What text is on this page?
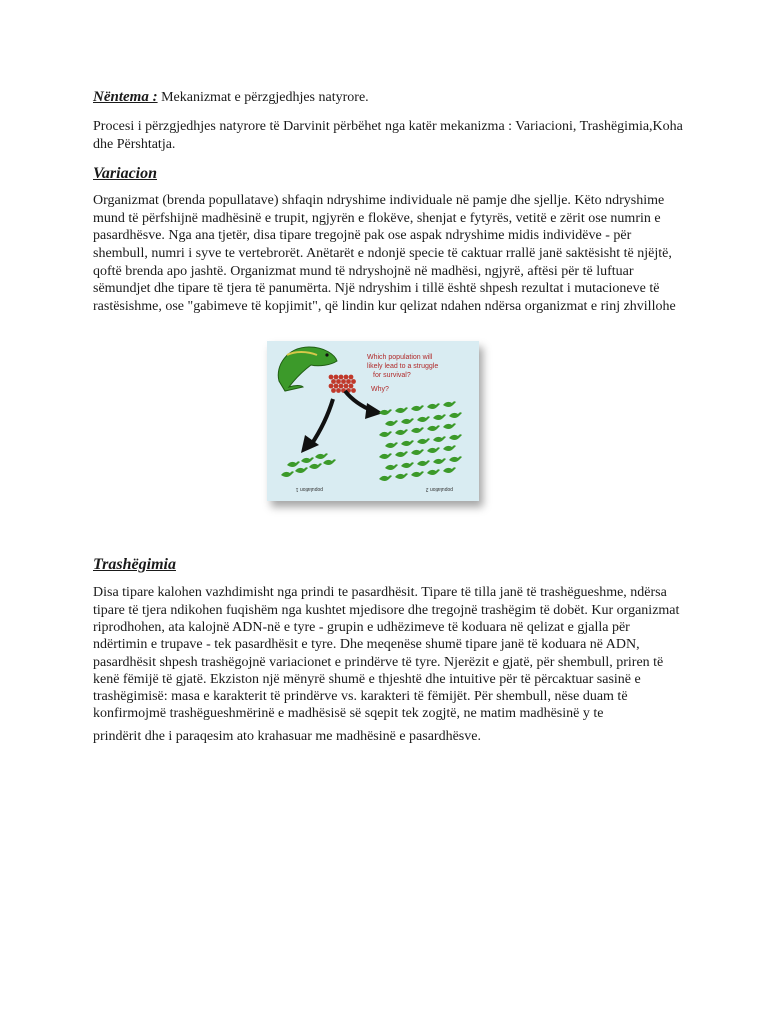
Nëntema : Mekanizmat e përzgjedhjes natyrore.

Procesi i përzgjedhjes natyrore të Darvinit përbëhet nga katër mekanizma : Variacioni, Trashëgimia,Koha dhe Përshtatja.

Variacion

Organizmat (brenda popullatave) shfaqin ndryshime individuale në pamje dhe sjellje. Këto ndryshime mund të përfshijnë madhësinë e trupit, ngjyrën e flokëve, shenjat e fytyrës, vetitë e zërit ose numrin e pasardhësve. Nga ana tjetër, disa tipare tregojnë pak ose aspak ndryshime midis individëve - për shembull, numri i syve te vertebrorët. Anëtarët e ndonjë specie të caktuar rrallë janë saktësisht të njëjtë, qoftë brenda apo jashtë. Organizmat mund të ndryshojnë në madhësi, ngjyrë, aftësi për të luftuar sëmundjet dhe tipare të tjera të panumërta. Një ndryshim i tillë është shpesh rezultat i mutacioneve të rastësishme, ose "gabimeve të kopjimit", që lindin kur qelizat ndahen ndërsa organizmat e rinj zhvillohe

Which population will
likely lead to a struggle
for survival?
Why?
population 1	population 2
Trashëgimia

Disa tipare kalohen vazhdimisht nga prindi te pasardhësit. Tipare të tilla janë të trashëgueshme, ndërsa tipare të tjera ndikohen fuqishëm nga kushtet mjedisore dhe tregojnë trashëgim të dobët. Kur organizmat riprodhohen, ata kalojnë ADN-në e tyre - grupin e udhëzimeve të koduara në qelizat e gjalla për ndërtimin e trupave - tek pasardhësit e tyre. Dhe meqenëse shumë tipare janë të koduara në ADN, pasardhësit shpesh trashëgojnë variacionet e prindërve të tyre. Njerëzit e gjatë, për shembull, priren të kenë fëmijë të gjatë. Ekziston një mënyrë shumë e thjeshtë dhe intuitive për të përcaktuar sasinë e trashëgimisë: masa e karakterit të prindërve vs. karakteri të fëmijët. Për shembull, nëse duam të konfirmojmë trashëgueshmërinë e madhësisë së sqepit tek zogjtë, ne matim madhësinë y te
prindërit dhe i paraqesim ato krahasuar me madhësinë e pasardhësve.
